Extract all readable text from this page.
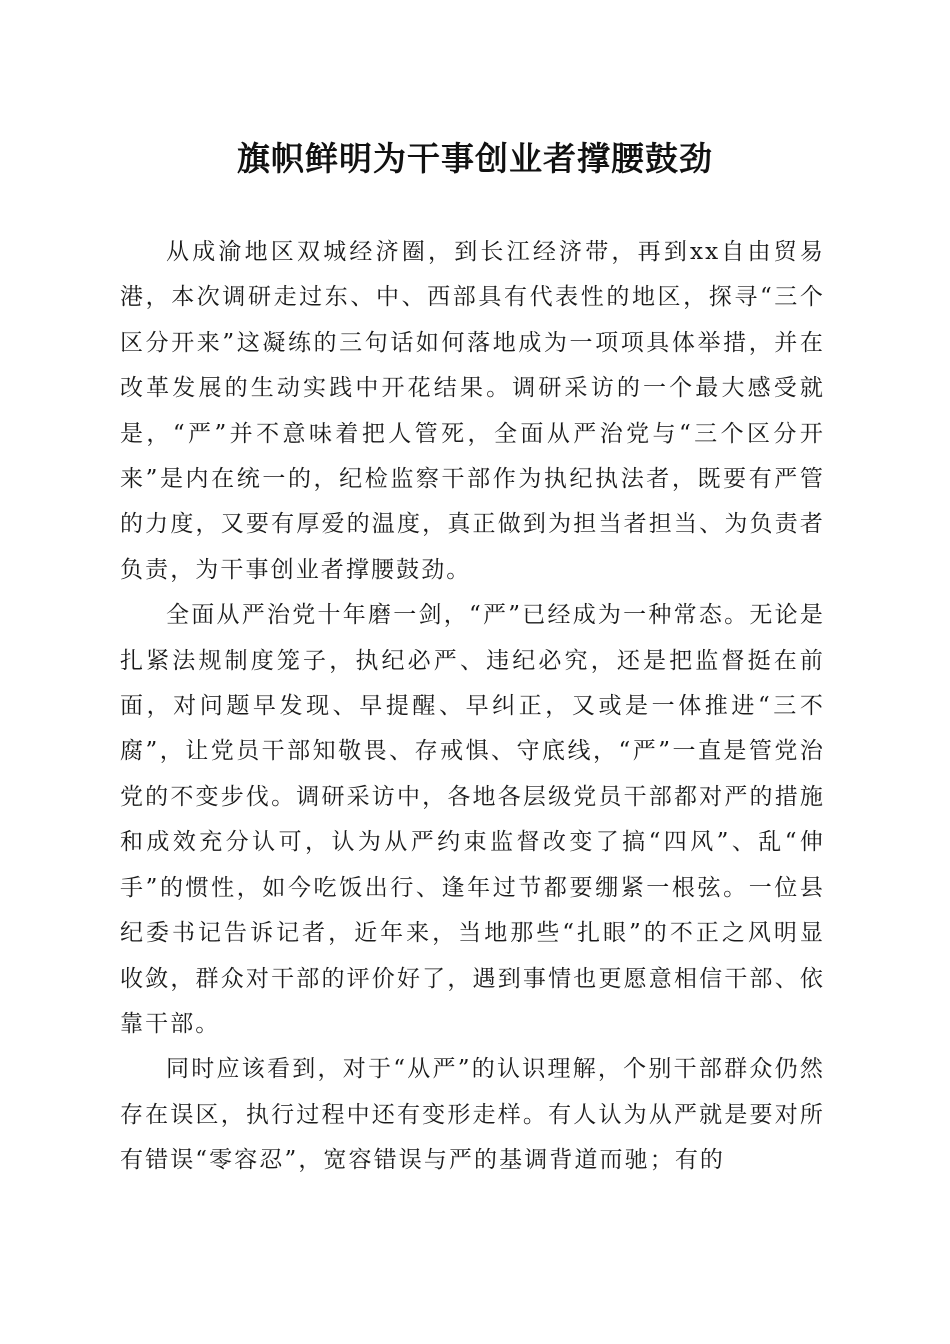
旗帜鲜明为干事创业者撑腰鼓劲

从成渝地区双城经济圈，到长江经济带，再到xx自由贸易港，本次调研走过东、中、西部具有代表性的地区，探寻“三个区分开来”这凝练的三句话如何落地成为一项项具体举措，并在改革发展的生动实践中开花结果。调研采访的一个最大感受就是，“严”并不意味着把人管死，全面从严治党与“三个区分开来”是内在统一的，纪检监察干部作为执纪执法者，既要有严管的力度，又要有厚爱的温度，真正做到为担当者担当、为负责者负责，为干事创业者撑腰鼓劲。

全面从严治党十年磨一剑，“严”已经成为一种常态。无论是扎紧法规制度笼子，执纪必严、违纪必究，还是把监督挺在前面，对问题早发现、早提醒、早纠正，又或是一体推进“三不腐”，让党员干部知敬畏、存戒惧、守底线，“严”一直是管党治党的不变步伐。调研采访中，各地各层级党员干部都对严的措施和成效充分认可，认为从严约束监督改变了搞“四风”、乱“伸手”的惯性，如今吃饭出行、逢年过节都要绷紧一根弦。一位县纪委书记告诉记者，近年来，当地那些“扎眼”的不正之风明显收敛，群众对干部的评价好了，遇到事情也更愿意相信干部、依靠干部。

同时应该看到，对于“从严”的认识理解，个别干部群众仍然存在误区，执行过程中还有变形走样。有人认为从严就是要对所有错误“零容忍”，宽容错误与严的基调背道而驰；有的
